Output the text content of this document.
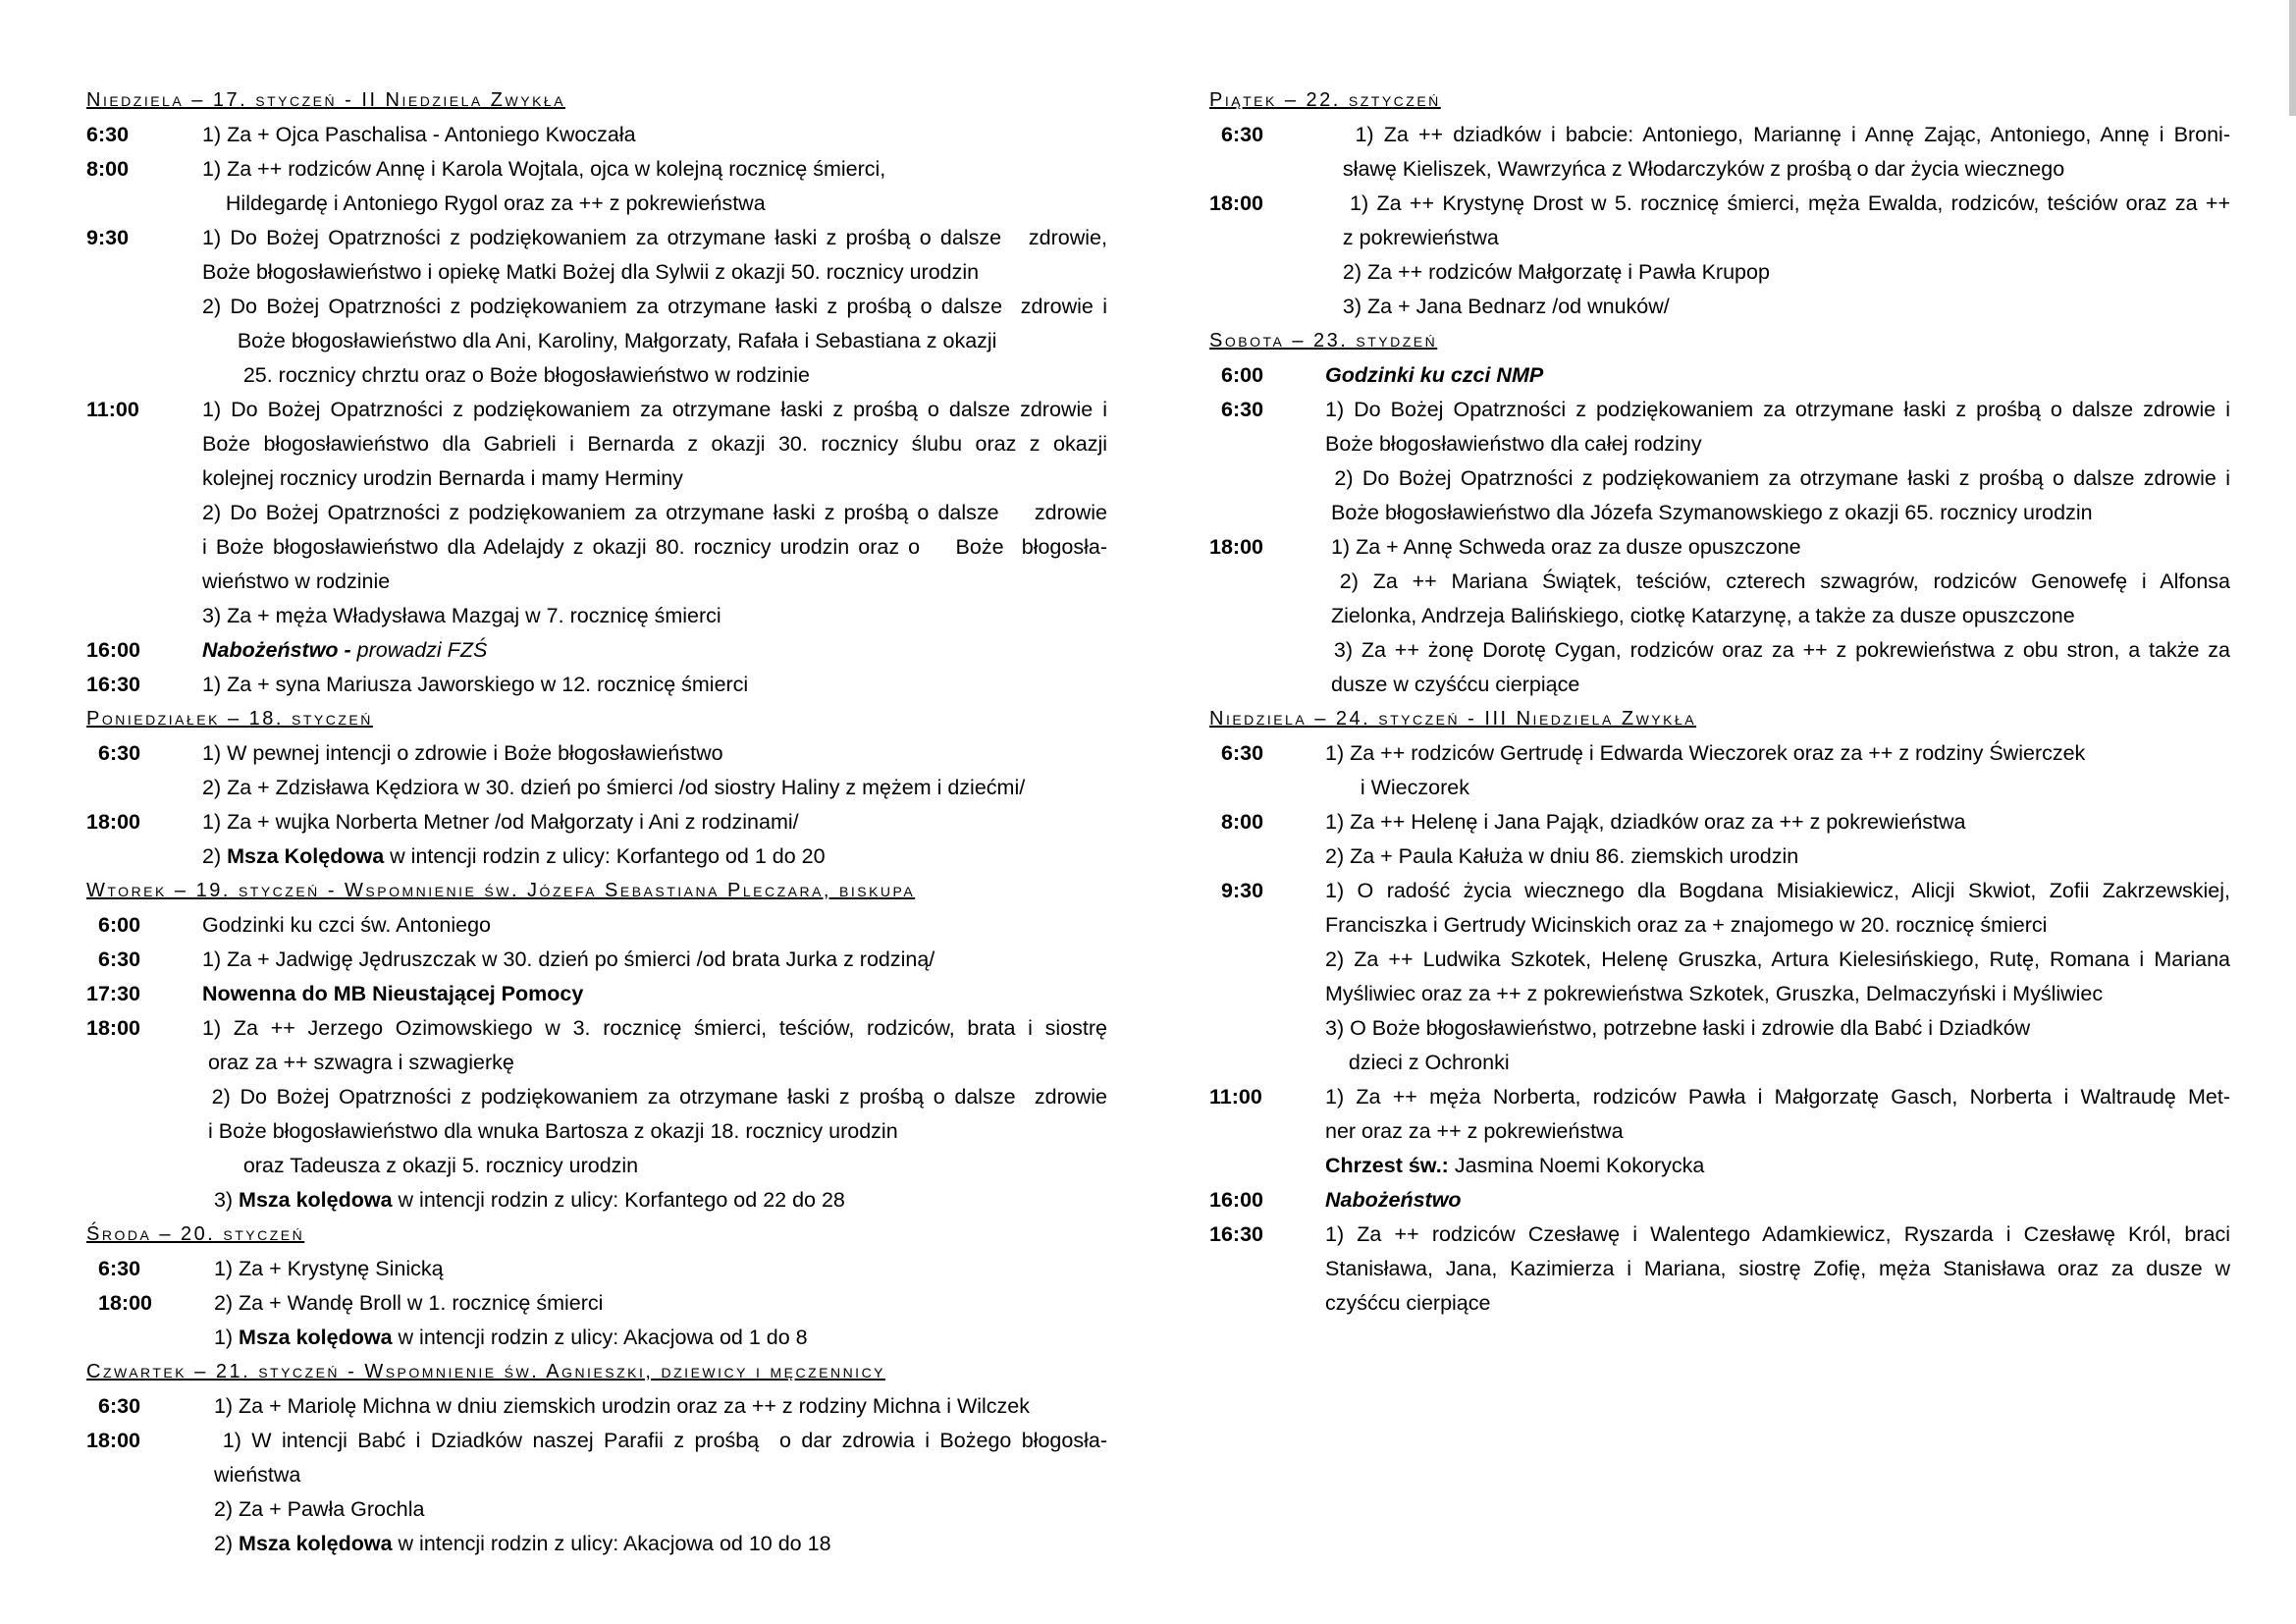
Niedziela – 17. styczeń - II Niedziela Zwykła
6:30	1) Za + Ojca Paschalisa - Antoniego Kwoczała
8:00	1) Za ++ rodziców Annę i Karola Wojtala, ojca w kolejną rocznicę śmierci,
Hildegardę i Antoniego Rygol oraz za ++ z pokrewieństwa
9:30	1) Do Bożej Opatrzności z podziękowaniem za otrzymane łaski z prośbą o dalsze   zdrowie,
Boże błogosławieństwo i opiekę Matki Bożej dla Sylwii z okazji 50. rocznicy urodzin
2) Do Bożej Opatrzności z podziękowaniem za otrzymane łaski z prośbą o dalsze  zdrowie i
Boże błogosławieństwo dla Ani, Karoliny, Małgorzaty, Rafała i Sebastiana z okazji
25. rocznicy chrztu oraz o Boże błogosławieństwo w rodzinie
11:00	1) Do Bożej Opatrzności z podziękowaniem za otrzymane łaski z prośbą o dalsze zdrowie i
Boże błogosławieństwo dla Gabrieli i Bernarda z okazji 30. rocznicy ślubu oraz z okazji
kolejnej rocznicy urodzin Bernarda i mamy Herminy
2) Do Bożej Opatrzności z podziękowaniem za otrzymane łaski z prośbą o dalsze    zdrowie
i Boże błogosławieństwo dla Adelajdy z okazji 80. rocznicy urodzin oraz o    Boże  błogosła-
wieństwo w rodzinie
3) Za + męża Władysława Mazgaj w 7. rocznicę śmierci
16:00	Nabożeństwo - prowadzi FZŚ
16:30	1) Za + syna Mariusza Jaworskiego w 12. rocznicę śmierci
Poniedziałek – 18. styczeń
6:30	1) W pewnej intencji o zdrowie i Boże błogosławieństwo
2) Za + Zdzisława Kędziora w 30. dzień po śmierci /od siostry Haliny z mężem i dziećmi/
18:00	1) Za + wujka Norberta Metner /od Małgorzaty i Ani z rodzinami/
2) Msza Kolędowa w intencji rodzin z ulicy: Korfantego od 1 do 20
Wtorek – 19. styczeń - Wspomnienie św. Józefa Sebastiana Pleczara, biskupa
6:00	Godzinki ku czci św. Antoniego
6:30	1) Za + Jadwigę Jędruszczak w 30. dzień po śmierci /od brata Jurka z rodziną/
17:30	Nowenna do MB Nieustającej Pomocy
18:00	1) Za ++ Jerzego Ozimowskiego w 3. rocznicę śmierci, teściów, rodziców, brata i siostrę
oraz za ++ szwagra i szwagierkę
2) Do Bożej Opatrzności z podziękowaniem za otrzymane łaski z prośbą o dalsze  zdrowie
i Boże błogosławieństwo dla wnuka Bartosza z okazji 18. rocznicy urodzin
oraz Tadeusza z okazji 5. rocznicy urodzin
3) Msza kolędowa w intencji rodzin z ulicy: Korfantego od 22 do 28
Środa – 20. styczeń
6:30	1) Za + Krystynę Sinicką
18:00	2) Za + Wandę Broll w 1. rocznicę śmierci
1) Msza kolędowa w intencji rodzin z ulicy: Akacjowa od 1 do 8
Czwartek – 21. styczeń - Wspomnienie św. Agnieszki, dziewicy i męczennicy
6:30	1) Za + Mariolę Michna w dniu ziemskich urodzin oraz za ++ z rodziny Michna i Wilczek
18:00	1) W intencji Babć i Dziadków naszej Parafii z prośbą  o dar zdrowia i Bożego błogosła-
wieństwa
2) Za + Pawła Grochla
2) Msza kolędowa w intencji rodzin z ulicy: Akacjowa od 10 do 18
Piątek – 22. sztyczeń
6:30	1) Za ++ dziadków i babcie: Antoniego, Mariannę i Annę Zając, Antoniego, Annę i Broni-
sławę Kieliszek, Wawrzyńca z Włodarczyków z prośbą o dar życia wiecznego
18:00	1) Za ++ Krystynę Drost w 5. rocznicę śmierci, męża Ewalda, rodziców, teściów oraz za ++
z pokrewieństwa
2) Za ++ rodziców Małgorzatę i Pawła Krupop
3) Za + Jana Bednarz /od wnuków/
Sobota – 23. stydzeń
6:00	Godzinki ku czci NMP
6:30	1) Do Bożej Opatrzności z podziękowaniem za otrzymane łaski z prośbą o dalsze zdrowie i
Boże błogosławieństwo dla całej rodziny
2) Do Bożej Opatrzności z podziękowaniem za otrzymane łaski z prośbą o dalsze zdrowie i
Boże błogosławieństwo dla Józefa Szymanowskiego z okazji 65. rocznicy urodzin
18:00	1) Za + Annę Schweda oraz za dusze opuszczone
2) Za ++ Mariana Świątek, teściów, czterech szwagrów, rodziców Genowefę i Alfonsa
Zielonka, Andrzeja Balińskiego, ciotkę Katarzynę, a także za dusze opuszczone
3) Za ++ żonę Dorotę Cygan, rodziców oraz za ++ z pokrewieństwa z obu stron, a także za
dusze w czyśćcu cierpiące
Niedziela – 24. styczeń - III Niedziela Zwykła
6:30	1) Za ++ rodziców Gertrudę i Edwarda Wieczorek oraz za ++ z rodziny Świerczek
i Wieczorek
8:00	1) Za ++ Helenę i Jana Pająk, dziadków oraz za ++ z pokrewieństwa
2) Za + Paula Kałuża w dniu 86. ziemskich urodzin
9:30	1) O radość życia wiecznego dla Bogdana Misiakiewicz, Alicji Skwiot, Zofii Zakrzewskiej,
Franciszka i Gertrudy Wicinskich oraz za + znajomego w 20. rocznicę śmierci
2) Za ++ Ludwika Szkotek, Helenę Gruszka, Artura Kielesińskiego, Rutę, Romana i Mariana
Myśliwiec oraz za ++ z pokrewieństwa Szkotek, Gruszka, Delmaczyński i Myśliwiec
3) O Boże błogosławieństwo, potrzebne łaski i zdrowie dla Babć i Dziadków
dzieci z Ochronki
11:00	1) Za ++ męża Norberta, rodziców Pawła i Małgorzatę Gasch, Norberta i Waltraudę Met-
ner oraz za ++ z pokrewieństwa
Chrzest św.: Jasmina Noemi Kokorycka
16:00	Nabożeństwo
16:30	1) Za ++ rodziców Czesławę i Walentego Adamkiewicz, Ryszarda i Czesławę Król, braci
Stanisława, Jana, Kazimierza i Mariana, siostrę Zofię, męża Stanisława oraz za dusze w
czyśćcu cierpiące
